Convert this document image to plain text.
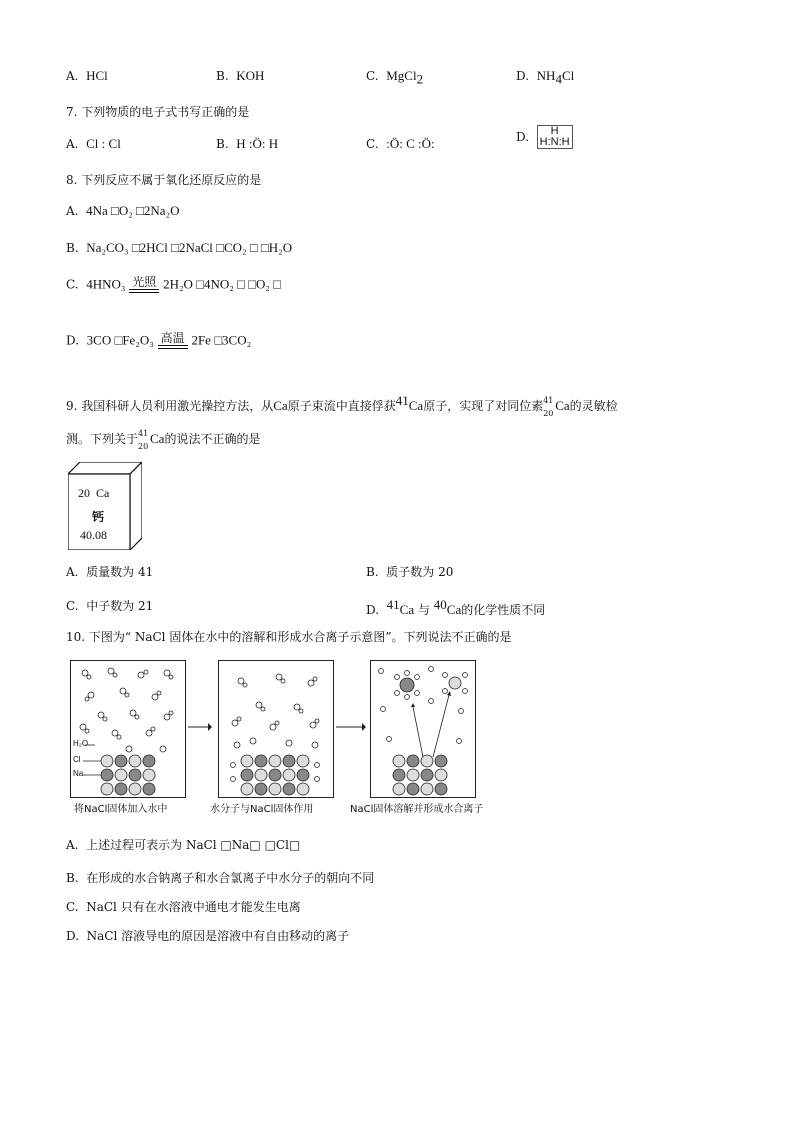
A. HCl	B. KOH	C. MgCl$_2$	D. $NH_4Cl$
7. 下列物质的电子式书写正确的是
A. Cl : Cl	B. H :Ö: H	C. :Ö: C :Ö:	D.	H
H:N:H
8. 下列反应不属于氧化还原反应的是
A. 4Na □O₂ □2Na₂O
B. Na₂CO₃ □2HCl □2NaCl □CO₂ □ □H₂O
C. 4HNO₃ 光照 2H₂O □4NO₂ □ □O₂ □
D. 3CO □Fe₂O₃ 高温 2Fe □3CO₂
9. 我国科研人员利用激光操控方法，从Ca原子束流中直接俘获$^{41}$Ca原子，实现了对同位素 41
20 Ca的灵敏检
测。下列关于 41
20 Ca的说法不正确的是
20 Ca
钙
40.08
A. 质量数为 41	B. 质子数为 20
C. 中子数为 21	D. $^{41}$Ca 与 $^{40}$Ca的化学性质不同
10. 下图为“ NaCl 固体在水中的溶解和形成水合离子示意图”。下列说法不正确的是
H₂O
Cl
Na
将NaCl固体加入水中	水分子与NaCl固体作用	NaCl固体溶解并形成水合离子
A. 上述过程可表示为 NaCl □Na□ □Cl□
B. 在形成的水合钠离子和水合氯离子中水分子的朝向不同
C. NaCl 只有在水溶液中通电才能发生电离
D. NaCl 溶液导电的原因是溶液中有自由移动的离子
